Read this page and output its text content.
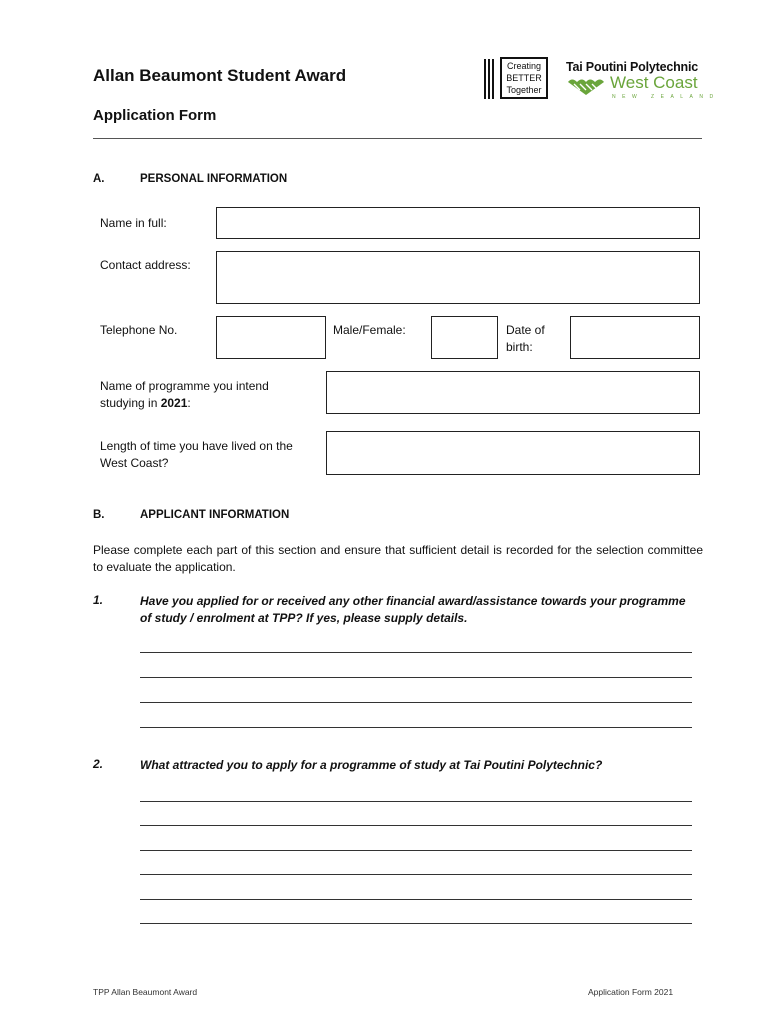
Allan Beaumont Student Award
Application Form
Creating
BETTER
Together
Tai Poutini Polytechnic
West Coast
NEW ZEALAND
A.	PERSONAL INFORMATION
Name in full:
Contact address:
Telephone No.	Male/Female:	Date of
birth:
Name of programme you intend
studying in 2021:
Length of time you have lived on the
West Coast?
B.	APPLICANT INFORMATION
Please complete each part of this section and ensure that sufficient detail is recorded for the selection committee to evaluate the application.
1.	Have you applied for or received any other financial award/assistance towards your programme
of study / enrolment at TPP? If yes, please supply details.
2.	What attracted you to apply for a programme of study at Tai Poutini Polytechnic?
TPP Allan Beaumont Award	Application Form 2021
